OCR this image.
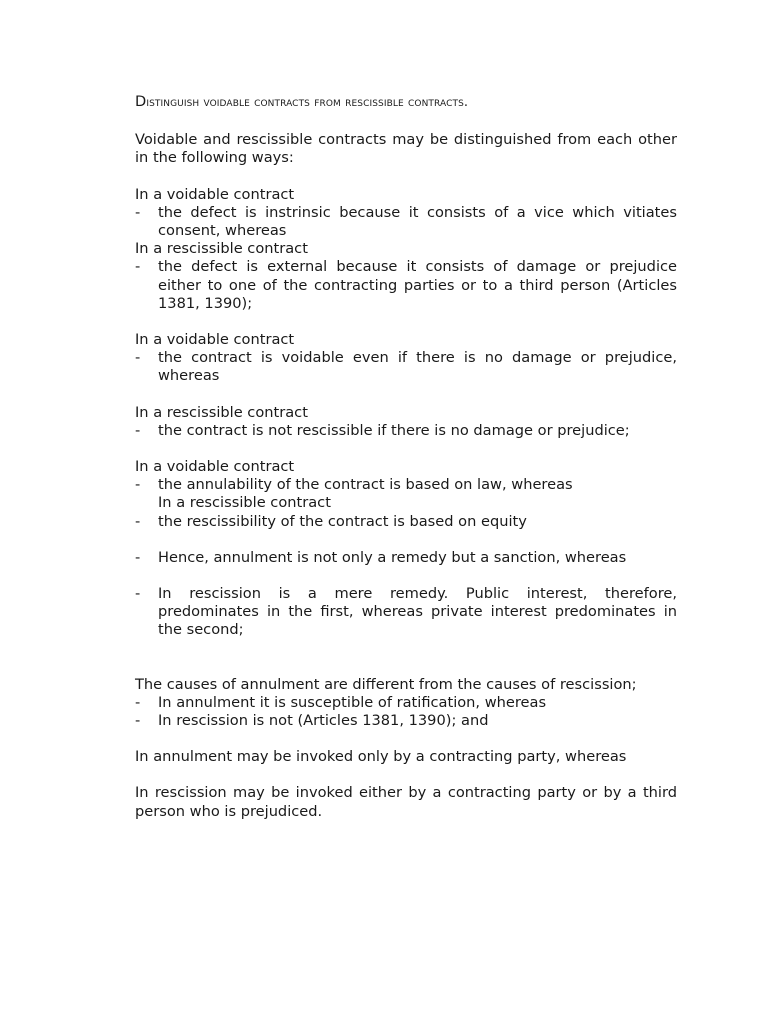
Distinguish voidable contracts from rescissible contracts.

Voidable and rescissible contracts may be distinguished from each other in the following ways:

In a voidable contract

- the defect is instrinsic because it consists of a vice which vitiates consent, whereas

In a rescissible contract

- the defect is external because it consists of damage or prejudice either to one of the contracting parties or to a third person (Articles 1381, 1390);

In a voidable contract

- the contract is voidable even if there is no damage or prejudice, whereas

In a rescissible contract

- the contract is not rescissible if there is no damage or prejudice;

In a voidable contract

- the annulability of the contract is based on law, whereas

In a rescissible contract

- the rescissibility of the contract is based on equity

- Hence, annulment is not only a remedy but a sanction, whereas

- In rescission is a mere remedy. Public interest, therefore, predominates in the first, whereas private interest predominates in the second;

The causes of annulment are different from the causes of rescission;

- In annulment it is susceptible of ratification, whereas

- In rescission is not (Articles 1381, 1390); and

In annulment may be invoked only by a contracting party, whereas

In rescission may be invoked either by a contracting party or by a third person who is prejudiced.
